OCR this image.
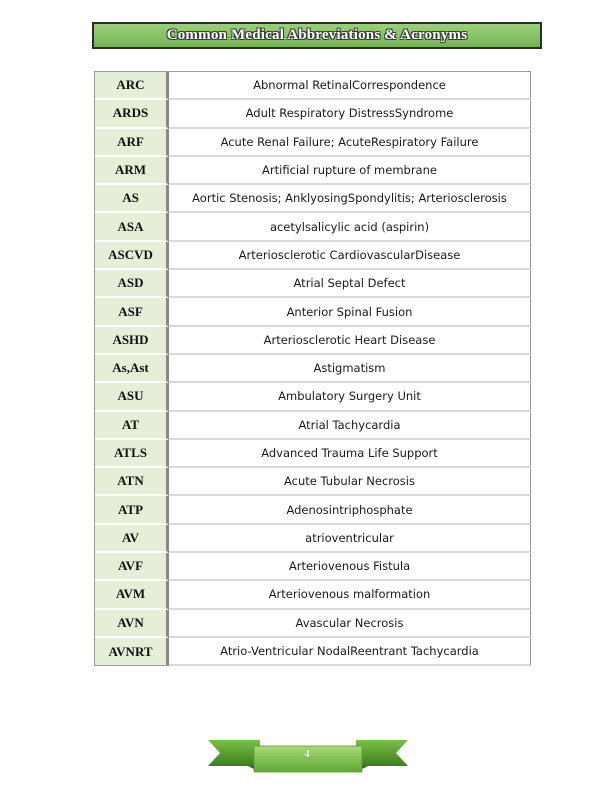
Common Medical Abbreviations & Acronyms
ARC	Abnormal RetinalCorrespondence
ARDS	Adult Respiratory DistressSyndrome
ARF	Acute Renal Failure; AcuteRespiratory Failure
ARM	Artificial rupture of membrane
AS	Aortic Stenosis; AnklyosingSpondylitis; Arteriosclerosis
ASA	acetylsalicylic acid (aspirin)
ASCVD	Arteriosclerotic CardiovascularDisease
ASD	Atrial Septal Defect
ASF	Anterior Spinal Fusion
ASHD	Arteriosclerotic Heart Disease
As,Ast	Astigmatism
ASU	Ambulatory Surgery Unit
AT	Atrial Tachycardia
ATLS	Advanced Trauma Life Support
ATN	Acute Tubular Necrosis
ATP	Adenosintriphosphate
AV	atrioventricular
AVF	Arteriovenous Fistula
AVM	Arteriovenous malformation
AVN	Avascular Necrosis
AVNRT	Atrio-Ventricular NodalReentrant Tachycardia
4
